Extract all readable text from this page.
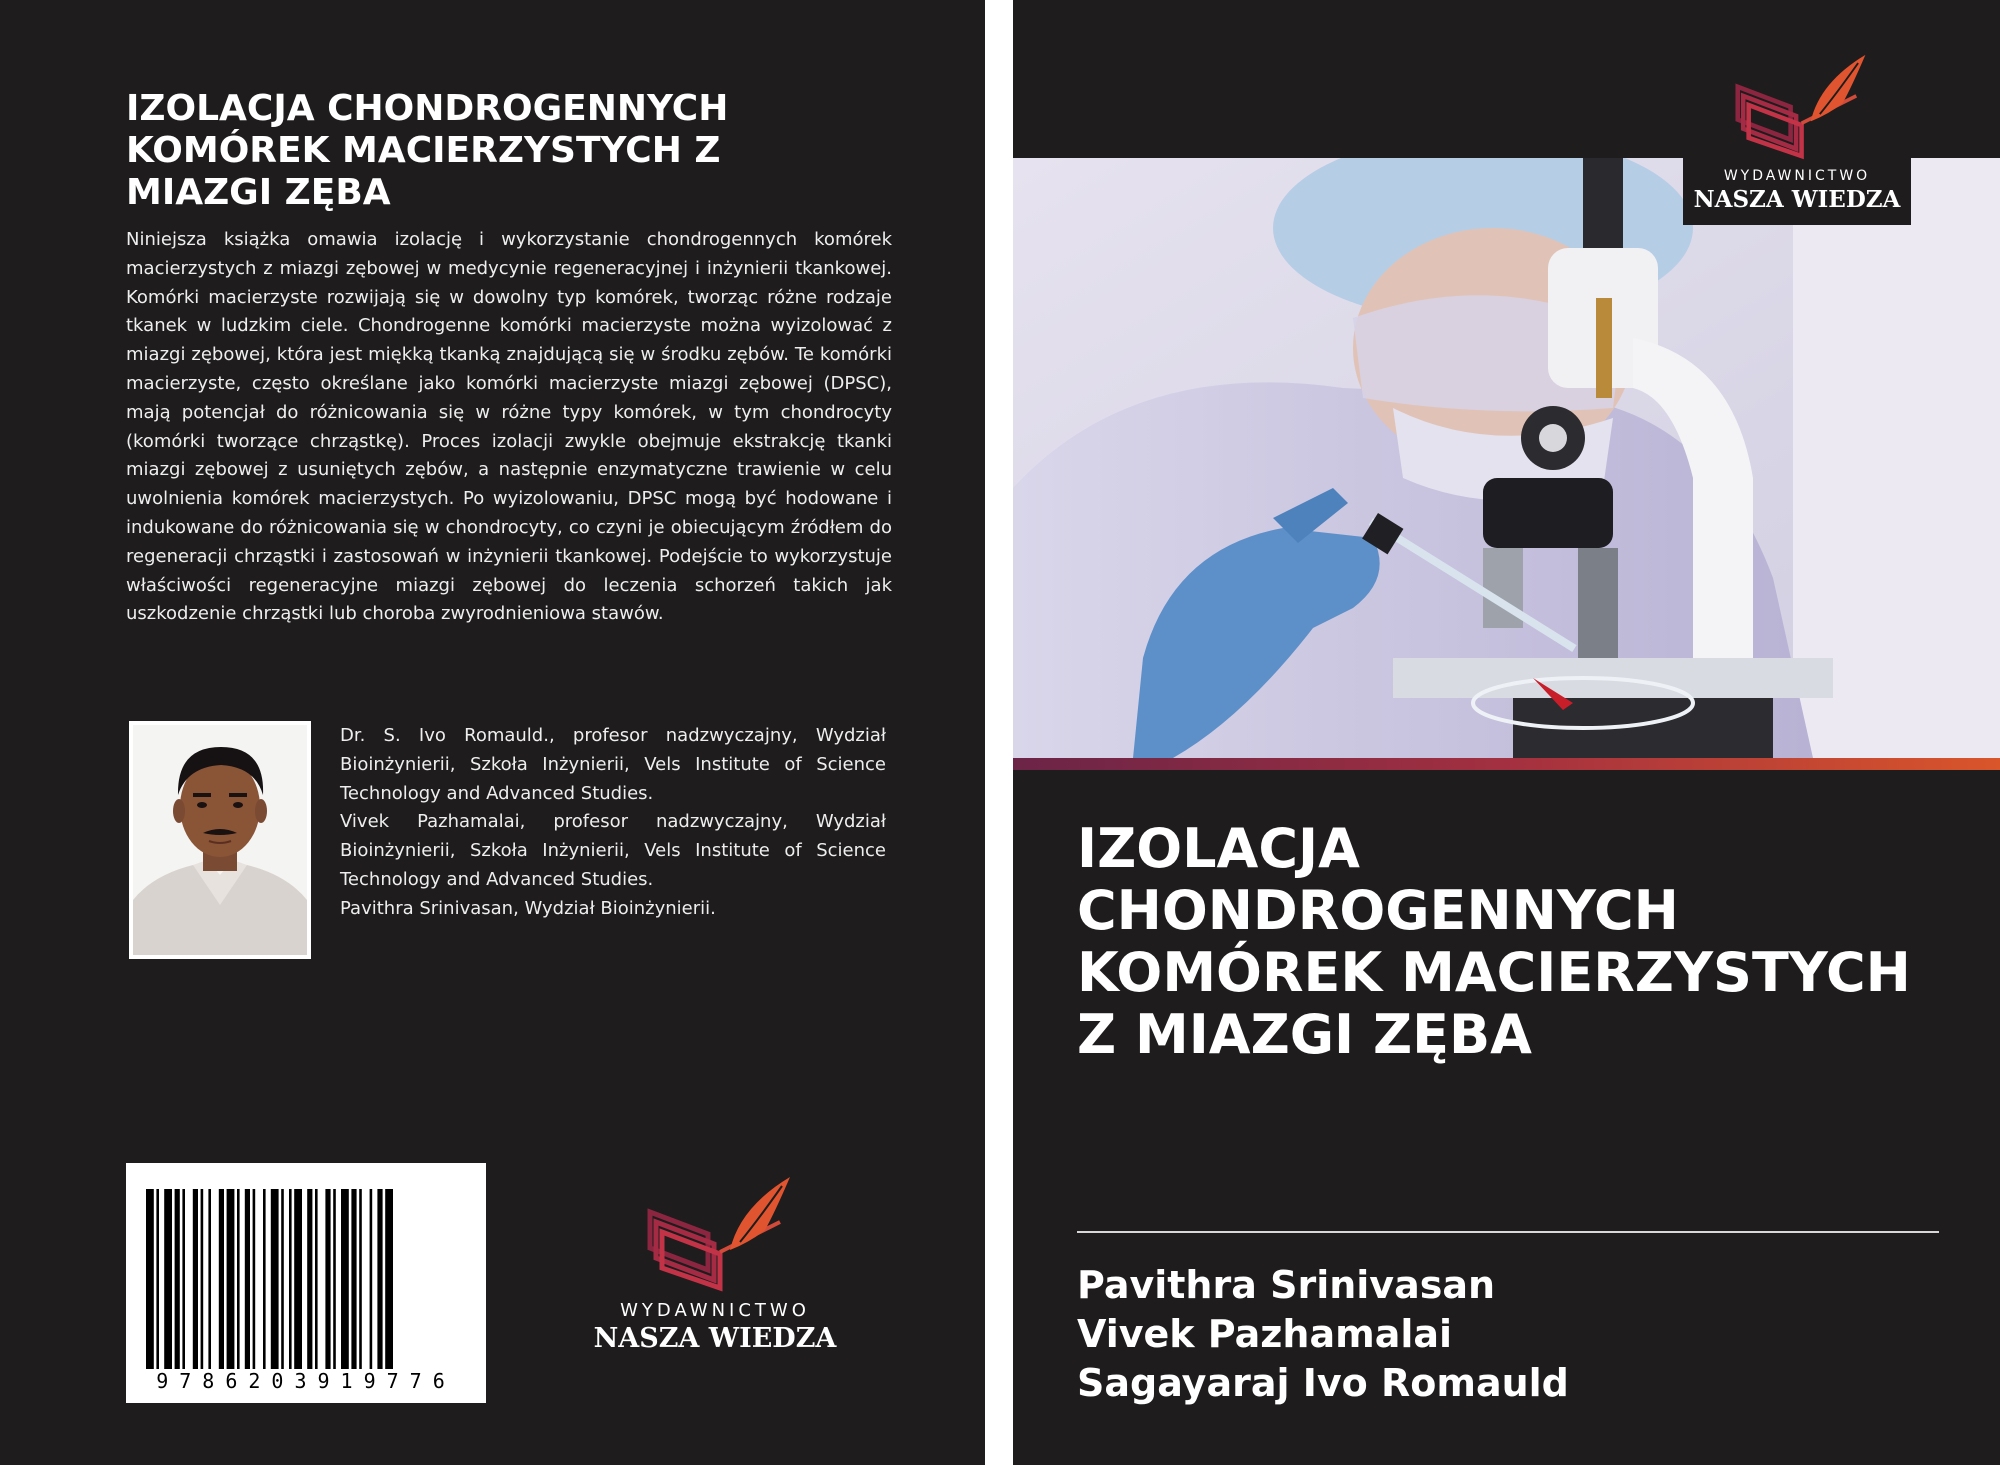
IZOLACJA CHONDROGENNYCH KOMÓREK MACIERZYSTYCH Z MIAZGI ZĘBA

Niniejsza książka omawia izolację i wykorzystanie chondrogennych komórek macierzystych z miazgi zębowej w medycynie regeneracyjnej i inżynierii tkankowej. Komórki macierzyste rozwijają się w dowolny typ komórek, tworząc różne rodzaje tkanek w ludzkim ciele. Chondrogenne komórki macierzyste można wyizolować z miazgi zębowej, która jest miękką tkanką znajdującą się w środku zębów. Te komórki macierzyste, często określane jako komórki macierzyste miazgi zębowej (DPSC), mają potencjał do różnicowania się w różne typy komórek, w tym chondrocyty (komórki tworzące chrząstkę). Proces izolacji zwykle obejmuje ekstrakcję tkanki miazgi zębowej z usuniętych zębów, a następnie enzymatyczne trawienie w celu uwolnienia komórek macierzystych. Po wyizolowaniu, DPSC mogą być hodowane i indukowane do różnicowania się w chondrocyty, co czyni je obiecującym źródłem do regeneracji chrząstki i zastosowań w inżynierii tkankowej. Podejście to wykorzystuje właściwości regeneracyjne miazgi zębowej do leczenia schorzeń takich jak uszkodzenie chrząstki lub choroba zwyrodnieniowa stawów.

Dr. S. Ivo Romauld., profesor nadzwyczajny, Wydział Bioinżynierii, Szkoła Inżynierii, Vels Institute of Science Technology and Advanced Studies.

Vivek Pazhamalai, profesor nadzwyczajny, Wydział Bioinżynierii, Szkoła Inżynierii, Vels Institute of Science Technology and Advanced Studies.

Pavithra Srinivasan, Wydział Bioinżynierii.

9786203919776
WYDAWNICTWO
NASZA WIEDZA
WYDAWNICTWO
NASZA WIEDZA
IZOLACJA CHONDROGENNYCH KOMÓREK MACIERZYSTYCH Z MIAZGI ZĘBA
Pavithra Srinivasan
Vivek Pazhamalai
Sagayaraj Ivo Romauld
